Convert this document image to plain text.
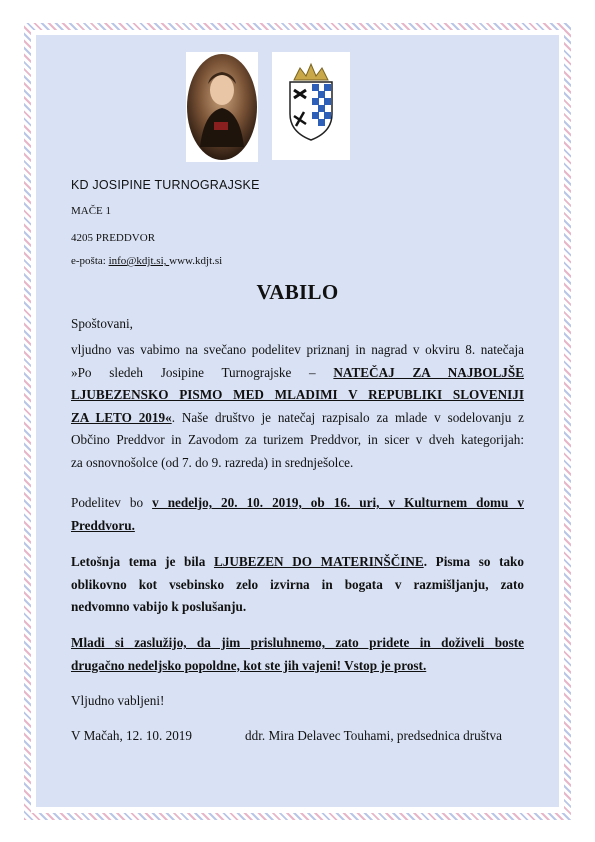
KD JOSIPINE TURNOGRAJSKE
MAČE 1
4205 PREDDVOR
e-pošta: info@kdjt.si, www.kdjt.si
VABILO
Spoštovani,
vljudno vas vabimo na svečano podelitev priznanj in nagrad v okviru 8. natečaja
»Po sledeh Josipine Turnograjske – NATEČAJ ZA NAJBOLJŠE
LJUBEZENSKO PISMO MED MLADIMI V REPUBLIKI SLOVENIJI
ZA LETO 2019«. Naše društvo je natečaj razpisalo za mlade v sodelovanju z
Občino Preddvor in Zavodom za turizem Preddvor, in sicer v dveh kategorijah:
za osnovnošolce (od 7. do 9. razreda) in srednješolce.
Podelitev bo v nedeljo, 20. 10. 2019, ob 16. uri, v Kulturnem domu v
Preddvoru.
Letošnja tema je bila LJUBEZEN DO MATERINŠČINE. Pisma so tako
oblikovno kot vsebinsko zelo izvirna in bogata v razmišljanju, zato
nedvomno vabijo k poslušanju.
Mladi si zaslužijo, da jim prisluhnemo, zato pridete in doživeli boste
drugačno nedeljsko popoldne, kot ste jih vajeni! Vstop je prost.
Vljudno vabljeni!
V Mačah, 12. 10. 2019	ddr. Mira Delavec Touhami, predsednica društva
